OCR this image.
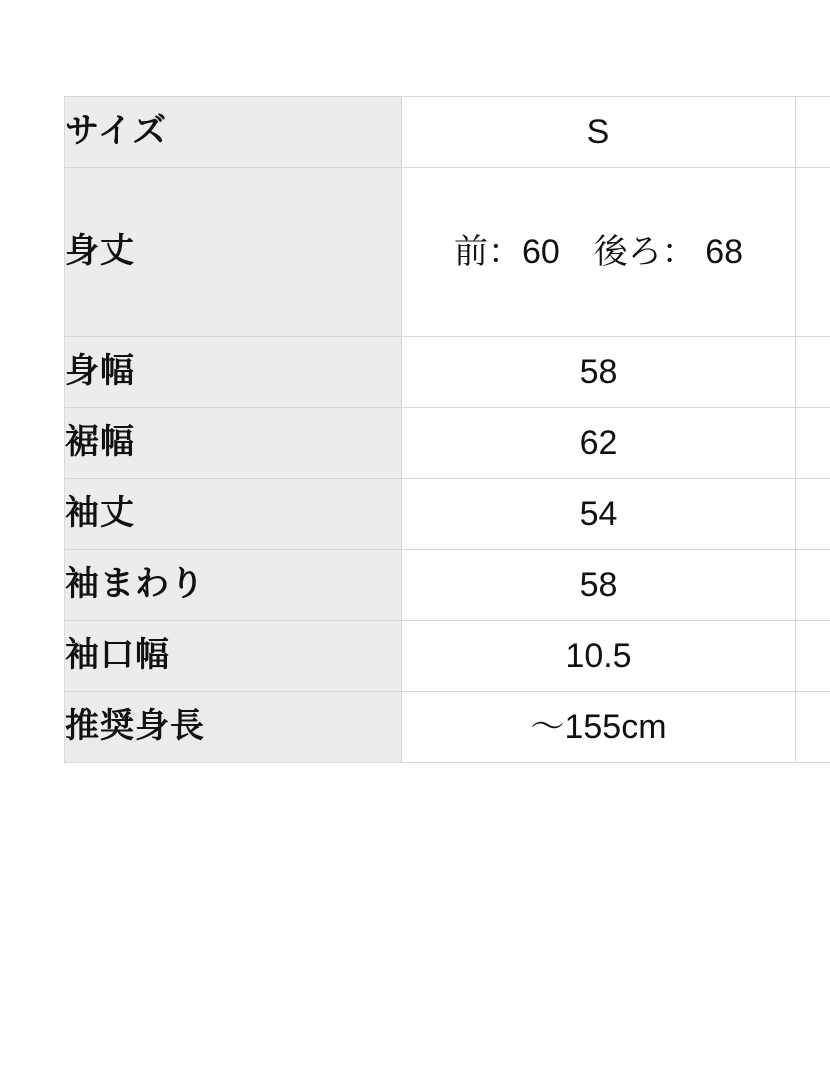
サイズ	S	
身丈	前：60　後ろ： 68	
身幅	58	
裾幅	62	
袖丈	54	
袖まわり	58	
袖口幅	10.5	
推奨身長	〜155cm	
